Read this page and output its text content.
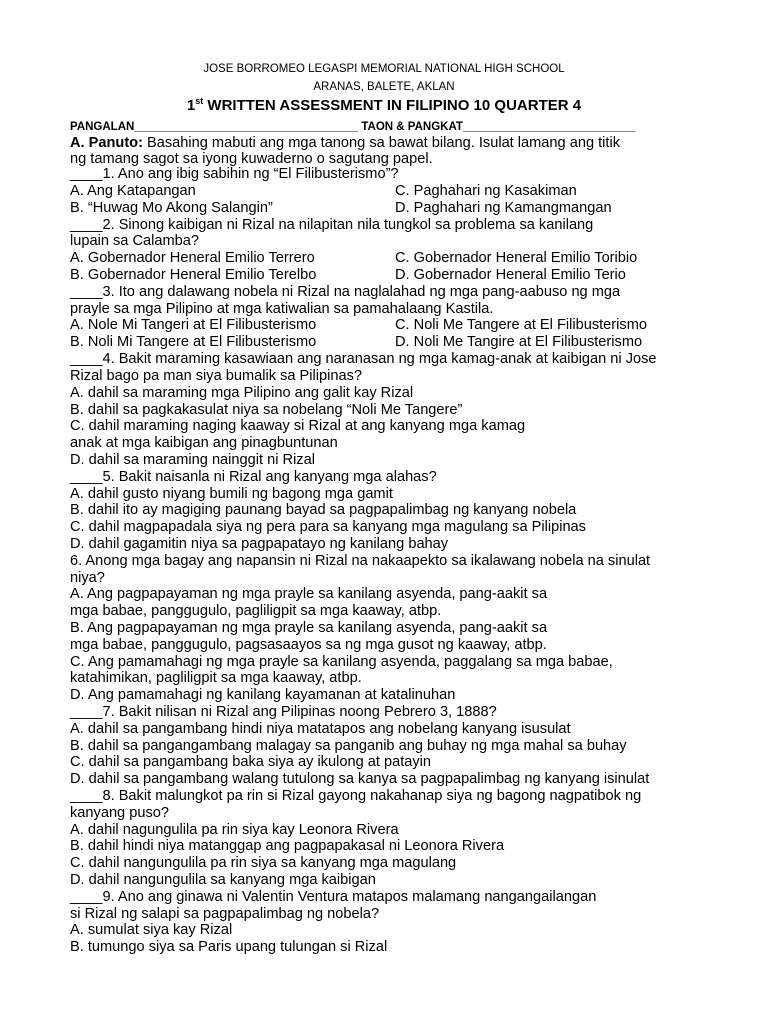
JOSE BORROMEO LEGASPI MEMORIAL NATIONAL HIGH SCHOOL
ARANAS, BALETE, AKLAN
1st WRITTEN ASSESSMENT IN FILIPINO 10 QUARTER 4
PANGALAN___________________________________ TAON & PANGKAT___________________________
A. Panuto: Basahing mabuti ang mga tanong sa bawat bilang. Isulat lamang ang titik
ng tamang sagot sa iyong kuwaderno o sagutang papel.
____1. Ano ang ibig sabihin ng “El Filibusterismo”?
A. Ang Katapangan	C. Paghahari ng Kasakiman
B. “Huwag Mo Akong Salangin”	D. Paghahari ng Kamangmangan
____2. Sinong kaibigan ni Rizal na nilapitan nila tungkol sa problema sa kanilang
lupain sa Calamba?
A. Gobernador Heneral Emilio Terrero	C. Gobernador Heneral Emilio Toribio
B. Gobernador Heneral Emilio Terelbo	D. Gobernador Heneral Emilio Terio
____3. Ito ang dalawang nobela ni Rizal na naglalahad ng mga pang-aabuso ng mga
prayle sa mga Pilipino at mga katiwalian sa pamahalaang Kastila.
A. Nole Mi Tangeri at El Filibusterismo	C. Noli Me Tangere at El Filibusterismo
B. Noli Mi Tangere at El Filibusterismo	D. Noli Me Tangire at El Filibusterismo
____4. Bakit maraming kasawiaan ang naranasan ng mga kamag-anak at kaibigan ni Jose
Rizal bago pa man siya bumalik sa Pilipinas?
A. dahil sa maraming mga Pilipino ang galit kay Rizal
B. dahil sa pagkakasulat niya sa nobelang “Noli Me Tangere”
C. dahil maraming naging kaaway si Rizal at ang kanyang mga kamag
anak at mga kaibigan ang pinagbuntunan
D. dahil sa maraming nainggit ni Rizal
____5. Bakit naisanla ni Rizal ang kanyang mga alahas?
A. dahil gusto niyang bumili ng bagong mga gamit
B. dahil ito ay magiging paunang bayad sa pagpapalimbag ng kanyang nobela
C. dahil magpapadala siya ng pera para sa kanyang mga magulang sa Pilipinas
D. dahil gagamitin niya sa pagpapatayo ng kanilang bahay
6. Anong mga bagay ang napansin ni Rizal na nakaapekto sa ikalawang nobela na sinulat
niya?
A. Ang pagpapayaman ng mga prayle sa kanilang asyenda, pang-aakit sa
mga babae, panggugulo, pagliligpit sa mga kaaway, atbp.
B. Ang pagpapayaman ng mga prayle sa kanilang asyenda, pang-aakit sa
mga babae, panggugulo, pagsasaayos sa ng mga gusot ng kaaway, atbp.
C. Ang pamamahagi ng mga prayle sa kanilang asyenda, paggalang sa mga babae,
katahimikan, pagliligpit sa mga kaaway, atbp.
D. Ang pamamahagi ng kanilang kayamanan at katalinuhan
____7. Bakit nilisan ni Rizal ang Pilipinas noong Pebrero 3, 1888?
A. dahil sa pangambang hindi niya matatapos ang nobelang kanyang isusulat
B. dahil sa pangangambang malagay sa panganib ang buhay ng mga mahal sa buhay
C. dahil sa pangambang baka siya ay ikulong at patayin
D. dahil sa pangambang walang tutulong sa kanya sa pagpapalimbag ng kanyang isinulat
____8. Bakit malungkot pa rin si Rizal gayong nakahanap siya ng bagong nagpatibok ng
kanyang puso?
A. dahil nagungulila pa rin siya kay Leonora Rivera
B. dahil hindi niya matanggap ang pagpapakasal ni Leonora Rivera
C. dahil nangungulila pa rin siya sa kanyang mga magulang
D. dahil nangungulila sa kanyang mga kaibigan
____9. Ano ang ginawa ni Valentin Ventura matapos malamang nangangailangan
si Rizal ng salapi sa pagpapalimbag ng nobela?
A. sumulat siya kay Rizal
B. tumungo siya sa Paris upang tulungan si Rizal
